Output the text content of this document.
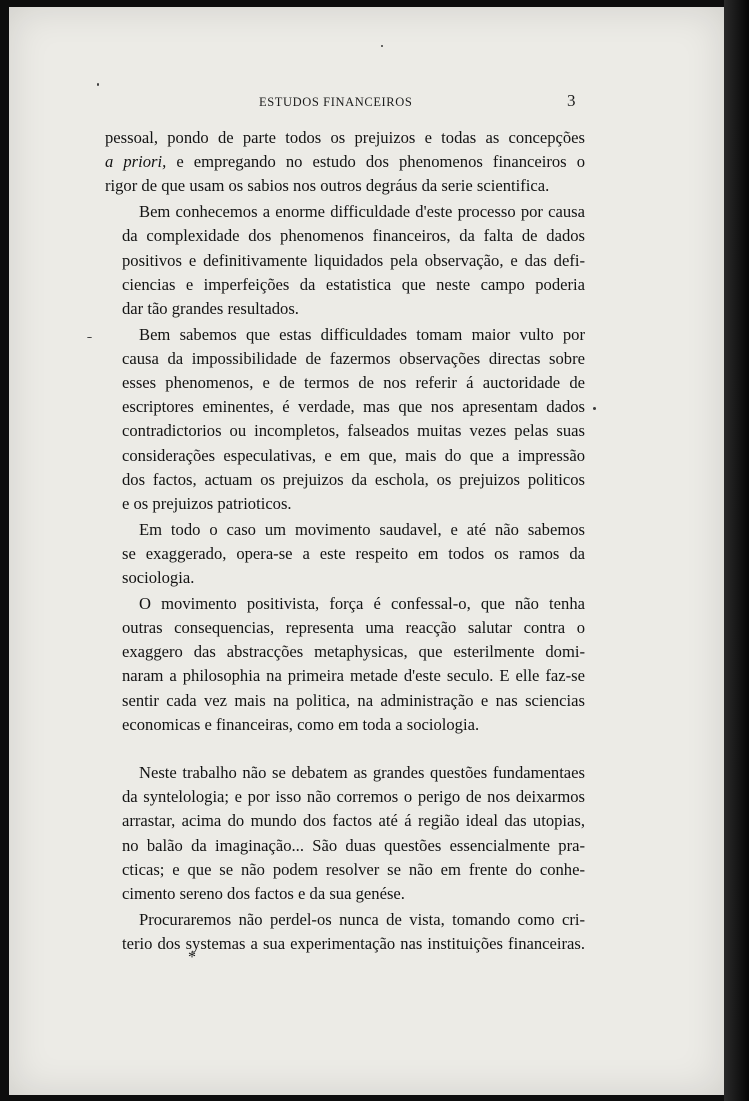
ESTUDOS FINANCEIROS	3

pessoal, pondo de parte todos os prejuizos e todas as concepções
a priori, e empregando no estudo dos phenomenos financeiros o
rigor de que usam os sabios nos outros degráus da serie scientifica.

Bem conhecemos a enorme difficuldade d'este processo por causa
da complexidade dos phenomenos financeiros, da falta de dados
positivos e definitivamente liquidados pela observação, e das defi-
ciencias e imperfeições da estatistica que neste campo poderia
dar tão grandes resultados.

Bem sabemos que estas difficuldades tomam maior vulto por
causa da impossibilidade de fazermos observações directas sobre
esses phenomenos, e de termos de nos referir á auctoridade de
escriptores eminentes, é verdade, mas que nos apresentam dados
contradictorios ou incompletos, falseados muitas vezes pelas suas
considerações especulativas, e em que, mais do que a impressão
dos factos, actuam os prejuizos da eschola, os prejuizos politicos
e os prejuizos patrioticos.

Em todo o caso um movimento saudavel, e até não sabemos
se exaggerado, opera-se a este respeito em todos os ramos da
sociologia.

O movimento positivista, força é confessal-o, que não tenha
outras consequencias, representa uma reacção salutar contra o
exaggero das abstracções metaphysicas, que esterilmente domi-
naram a philosophia na primeira metade d'este seculo. E elle faz-se
sentir cada vez mais na politica, na administração e nas sciencias
economicas e financeiras, como em toda a sociologia.

Neste trabalho não se debatem as grandes questões fundamentaes
da syntelologia; e por isso não corremos o perigo de nos deixarmos
arrastar, acima do mundo dos factos até á região ideal das utopias,
no balão da imaginação... São duas questões essencialmente pra-
cticas; e que se não podem resolver se não em frente do conhe-
cimento sereno dos factos e da sua genése.

Procuraremos não perdel-os nunca de vista, tomando como cri-
terio dos systemas a sua experimentação nas instituições financeiras.

*
